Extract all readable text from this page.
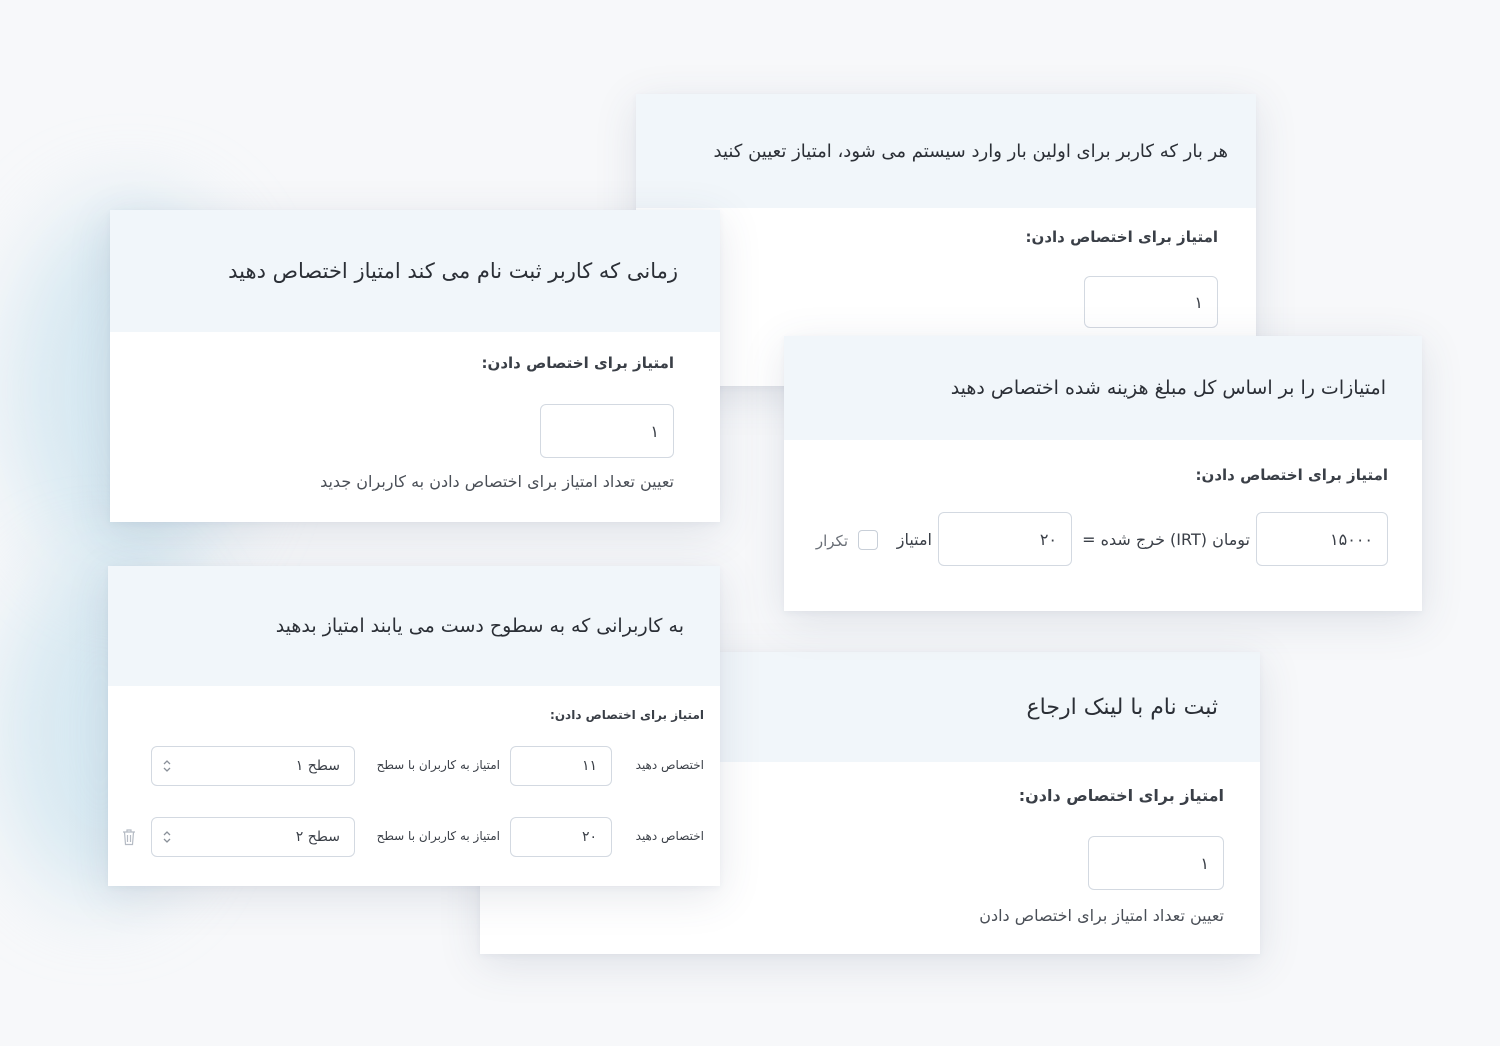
هر بار که کاربر برای اولین بار وارد سیستم می شود، امتیاز تعیین کنید
امتیاز برای اختصاص دادن:
۱
ثبت نام با لینک ارجاع
امتیاز برای اختصاص دادن:
۱
تعیین تعداد امتیاز برای اختصاص دادن
زمانی که کاربر ثبت نام می کند امتیاز اختصاص دهید
امتیاز برای اختصاص دادن:
۱
تعیین تعداد امتیاز برای اختصاص دادن به کاربران جدید
امتیازات را بر اساس کل مبلغ هزینه شده اختصاص دهید
امتیاز برای اختصاص دادن:
۱۵۰۰۰
تومان (IRT) خرج شده =
۲۰
امتیاز
تکرار
به کاربرانی که به سطوح دست می یابند امتیاز بدهید
امتیاز برای اختصاص دادن:
اختصاص دهید
۱۱
امتیاز به کاربران با سطح
سطح ۱
اختصاص دهید
۲۰
امتیاز به کاربران با سطح
سطح ۲
